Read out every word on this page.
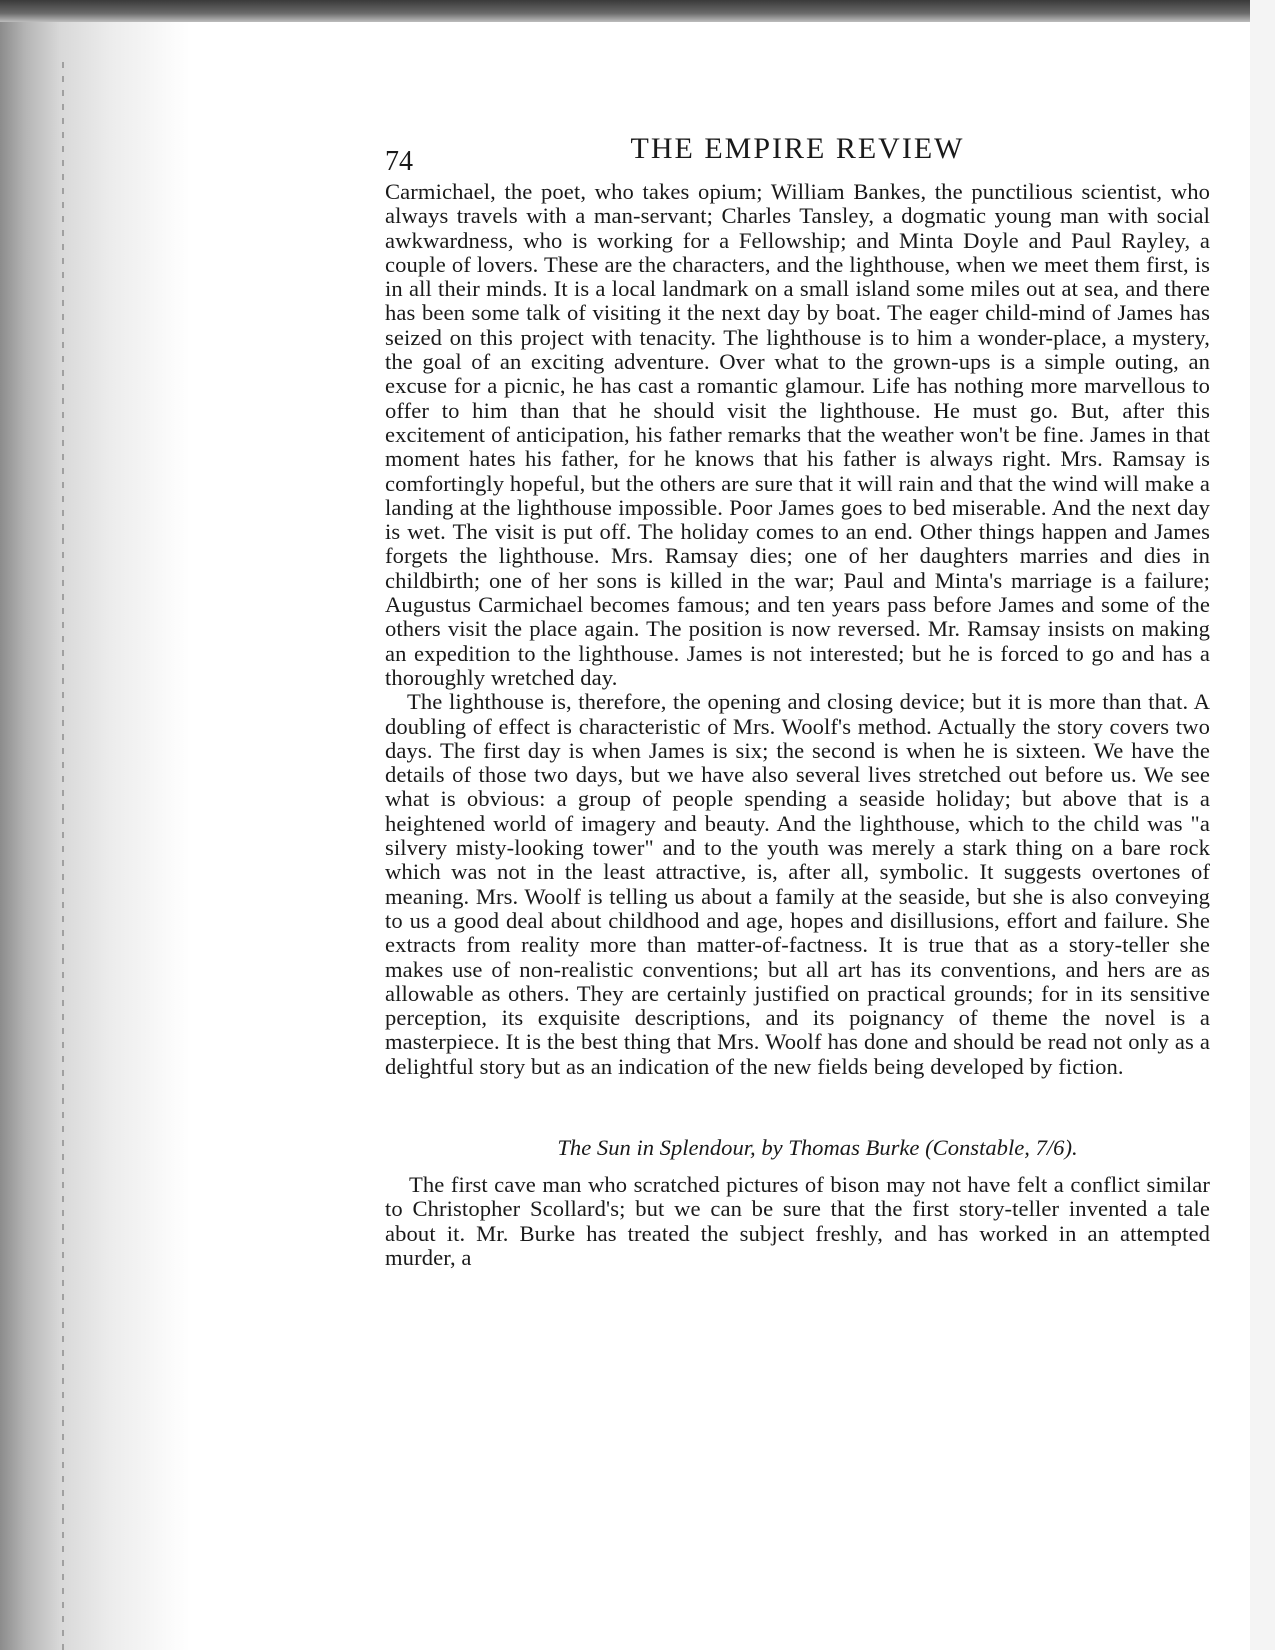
74	THE EMPIRE REVIEW

Carmichael, the poet, who takes opium; William Bankes, the punctilious scientist, who always travels with a man-servant; Charles Tansley, a dogmatic young man with social awkwardness, who is working for a Fellowship; and Minta Doyle and Paul Rayley, a couple of lovers. These are the characters, and the lighthouse, when we meet them first, is in all their minds. It is a local landmark on a small island some miles out at sea, and there has been some talk of visiting it the next day by boat. The eager child-mind of James has seized on this project with tenacity. The lighthouse is to him a wonder-place, a mystery, the goal of an exciting adventure. Over what to the grown-ups is a simple outing, an excuse for a picnic, he has cast a romantic glamour. Life has nothing more marvellous to offer to him than that he should visit the lighthouse. He must go. But, after this excitement of anticipation, his father remarks that the weather won't be fine. James in that moment hates his father, for he knows that his father is always right. Mrs. Ramsay is comfortingly hopeful, but the others are sure that it will rain and that the wind will make a landing at the lighthouse impossible. Poor James goes to bed miserable. And the next day is wet. The visit is put off. The holiday comes to an end. Other things happen and James forgets the lighthouse. Mrs. Ramsay dies; one of her daughters marries and dies in childbirth; one of her sons is killed in the war; Paul and Minta's marriage is a failure; Augustus Carmichael becomes famous; and ten years pass before James and some of the others visit the place again. The position is now reversed. Mr. Ramsay insists on making an expedition to the lighthouse. James is not interested; but he is forced to go and has a thoroughly wretched day.

The lighthouse is, therefore, the opening and closing device; but it is more than that. A doubling of effect is characteristic of Mrs. Woolf's method. Actually the story covers two days. The first day is when James is six; the second is when he is sixteen. We have the details of those two days, but we have also several lives stretched out before us. We see what is obvious: a group of people spending a seaside holiday; but above that is a heightened world of imagery and beauty. And the lighthouse, which to the child was "a silvery misty-looking tower" and to the youth was merely a stark thing on a bare rock which was not in the least attractive, is, after all, symbolic. It suggests overtones of meaning. Mrs. Woolf is telling us about a family at the seaside, but she is also conveying to us a good deal about childhood and age, hopes and disillusions, effort and failure. She extracts from reality more than matter-of-factness. It is true that as a story-teller she makes use of non-realistic conventions; but all art has its conventions, and hers are as allowable as others. They are certainly justified on practical grounds; for in its sensitive perception, its exquisite descriptions, and its poignancy of theme the novel is a masterpiece. It is the best thing that Mrs. Woolf has done and should be read not only as a delightful story but as an indication of the new fields being developed by fiction.

The Sun in Splendour, by Thomas Burke (Constable, 7/6).

The first cave man who scratched pictures of bison may not have felt a conflict similar to Christopher Scollard's; but we can be sure that the first story-teller invented a tale about it. Mr. Burke has treated the subject freshly, and has worked in an attempted murder, a
